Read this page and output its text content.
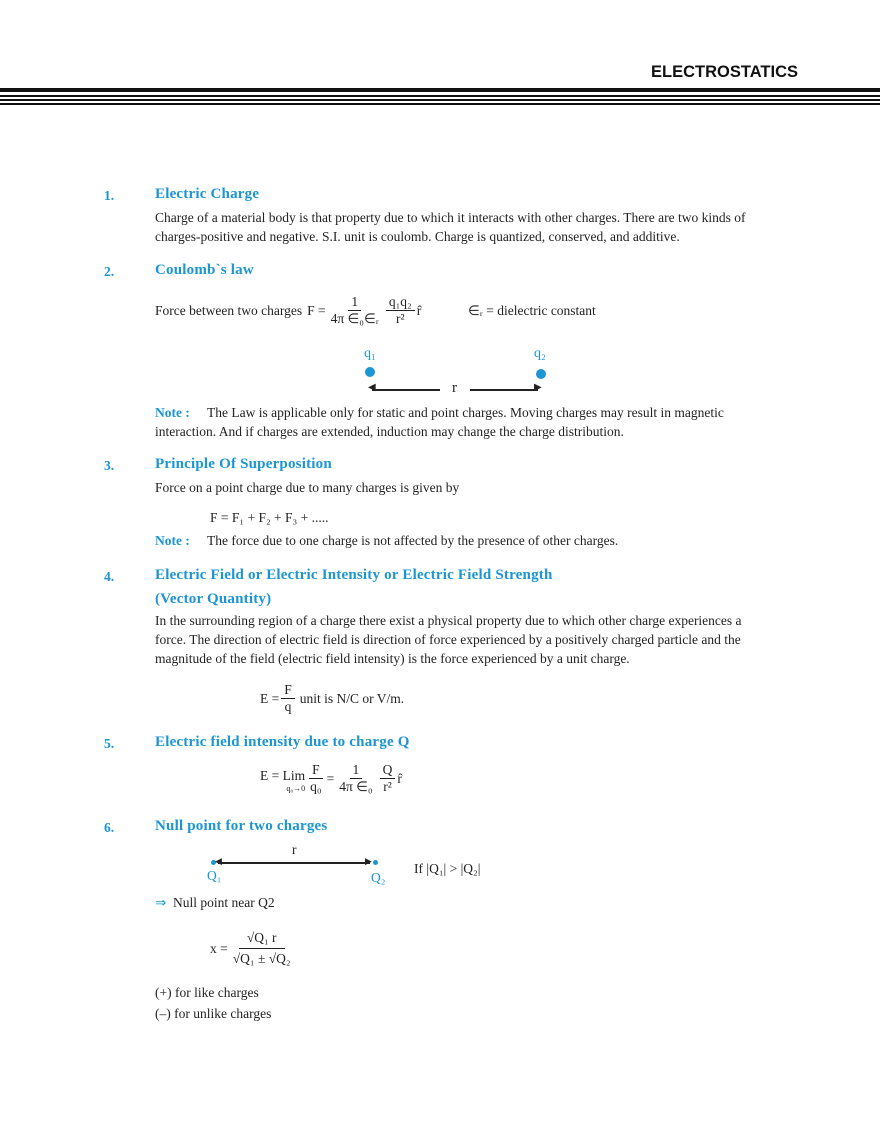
ELECTROSTATICS
1.	Electric Charge
Charge of a material body is that property due to which it interacts with other charges. There are two kinds of
charges-positive and negative. S.I. unit is coulomb. Charge is quantized, conserved, and additive.
2.	Coulomb`s law
Force between two charges $F = \frac{1}{\text{4π ∈₀∈ᵣ}} \frac{\text{q₁q₂}}{\text{r²}}$ r̂	∈ᵣ = dielectric constant
q₁	q₂
◀	r	▶
Note : The Law is applicable only for static and point charges. Moving charges may result in magnetic
interaction. And if charges are extended, induction may change the charge distribution.
3.	Principle Of Superposition
Force on a point charge due to many charges is given by
F = F₁ + F₂ + F₃ + .....
Note : The force due to one charge is not affected by the presence of other charges.
4.	Electric Field or Electric Intensity or Electric Field Strength
(Vector Quantity)
In the surrounding region of a charge there exist a physical property due to which other charge experiences a
force. The direction of electric field is direction of force experienced by a positively charged particle and the
magnitude of the field (electric field intensity) is the force experienced by a unit charge.
$E = \frac{F}{q}$ unit is N/C or V/m.
5.	Electric field intensity due to charge Q
E = Lim
$q_0\to 0 \frac{F}{\text{q₀}} = \frac{1}{\text{4π ∈₀}} \frac{Q}{\text{r²}}$ r̂
6.	Null point for two charges
r
◀	▶
Q₁	Q₂
If |Q₁| > |Q₂|
⇒ Null point near Q2
$x = \frac{\text{√Q₁ r}}{\text{√Q₁ ± √Q₂}}$
(+) for like charges
(–) for unlike charges
